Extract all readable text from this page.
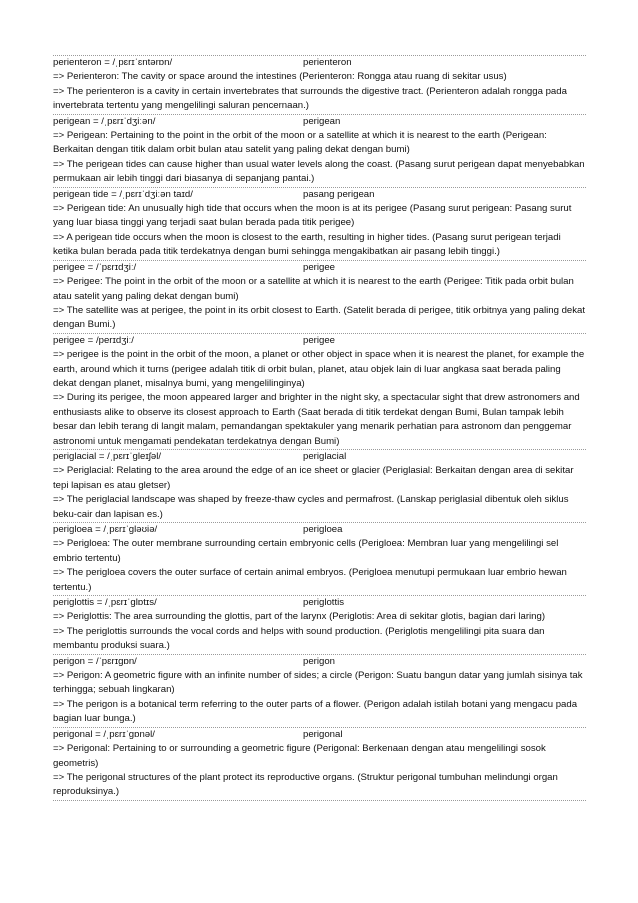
perienteron = /ˌpɛrɪˈɛntərɒn/	perienteron
=> Perienteron: The cavity or space around the intestines (Perienteron: Rongga atau ruang di sekitar usus)
=> The perienteron is a cavity in certain invertebrates that surrounds the digestive tract. (Perienteron adalah rongga pada invertebrata tertentu yang mengelilingi saluran pencernaan.)
perigean = /ˌpɛrɪˈdʒiːən/	perigean
=> Perigean: Pertaining to the point in the orbit of the moon or a satellite at which it is nearest to the earth (Perigean: Berkaitan dengan titik dalam orbit bulan atau satelit yang paling dekat dengan bumi)
=> The perigean tides can cause higher than usual water levels along the coast. (Pasang surut perigean dapat menyebabkan permukaan air lebih tinggi dari biasanya di sepanjang pantai.)
perigean tide = /ˌpɛrɪˈdʒiːən taɪd/	pasang perigean
=> Perigean tide: An unusually high tide that occurs when the moon is at its perigee (Pasang surut perigean: Pasang surut yang luar biasa tinggi yang terjadi saat bulan berada pada titik perigee)
=> A perigean tide occurs when the moon is closest to the earth, resulting in higher tides. (Pasang surut perigean terjadi ketika bulan berada pada titik terdekatnya dengan bumi sehingga mengakibatkan air pasang lebih tinggi.)
perigee = /ˈpɛrɪdʒiː/	perigee
=> Perigee: The point in the orbit of the moon or a satellite at which it is nearest to the earth (Perigee: Titik pada orbit bulan atau satelit yang paling dekat dengan bumi)
=> The satellite was at perigee, the point in its orbit closest to Earth. (Satelit berada di perigee, titik orbitnya yang paling dekat dengan Bumi.)
perigee = /perɪdʒiː/	perigee
=> perigee is the point in the orbit of the moon, a planet or other object in space when it is nearest the planet, for example the earth, around which it turns (perigee adalah titik di orbit bulan, planet, atau objek lain di luar angkasa saat berada paling dekat dengan planet, misalnya bumi, yang mengelilinginya)
=> During its perigee, the moon appeared larger and brighter in the night sky, a spectacular sight that drew astronomers and enthusiasts alike to observe its closest approach to Earth (Saat berada di titik terdekat dengan Bumi, Bulan tampak lebih besar dan lebih terang di langit malam, pemandangan spektakuler yang menarik perhatian para astronom dan penggemar astronomi untuk mengamati pendekatan terdekatnya dengan Bumi)
periglacial = /ˌpɛrɪˈɡleɪʃəl/	periglacial
=> Periglacial: Relating to the area around the edge of an ice sheet or glacier (Periglasial: Berkaitan dengan area di sekitar tepi lapisan es atau gletser)
=> The periglacial landscape was shaped by freeze-thaw cycles and permafrost. (Lanskap periglasial dibentuk oleh siklus beku-cair dan lapisan es.)
perigloea = /ˌpɛrɪˈɡləʊiə/	perigloea
=> Perigloea: The outer membrane surrounding certain embryonic cells (Perigloea: Membran luar yang mengelilingi sel embrio tertentu)
=> The perigloea covers the outer surface of certain animal embryos. (Perigloea menutupi permukaan luar embrio hewan tertentu.)
periglottis = /ˌpɛrɪˈɡlɒtɪs/	periglottis
=> Periglottis: The area surrounding the glottis, part of the larynx (Periglotis: Area di sekitar glotis, bagian dari laring)
=> The periglottis surrounds the vocal cords and helps with sound production. (Periglotis mengelilingi pita suara dan membantu produksi suara.)
perigon = /ˈpɛrɪɡɒn/	perigon
=> Perigon: A geometric figure with an infinite number of sides; a circle (Perigon: Suatu bangun datar yang jumlah sisinya tak terhingga; sebuah lingkaran)
=> The perigon is a botanical term referring to the outer parts of a flower. (Perigon adalah istilah botani yang mengacu pada bagian luar bunga.)
perigonal = /ˌpɛrɪˈɡɒnəl/	perigonal
=> Perigonal: Pertaining to or surrounding a geometric figure (Perigonal: Berkenaan dengan atau mengelilingi sosok geometris)
=> The perigonal structures of the plant protect its reproductive organs. (Struktur perigonal tumbuhan melindungi organ reproduksinya.)
